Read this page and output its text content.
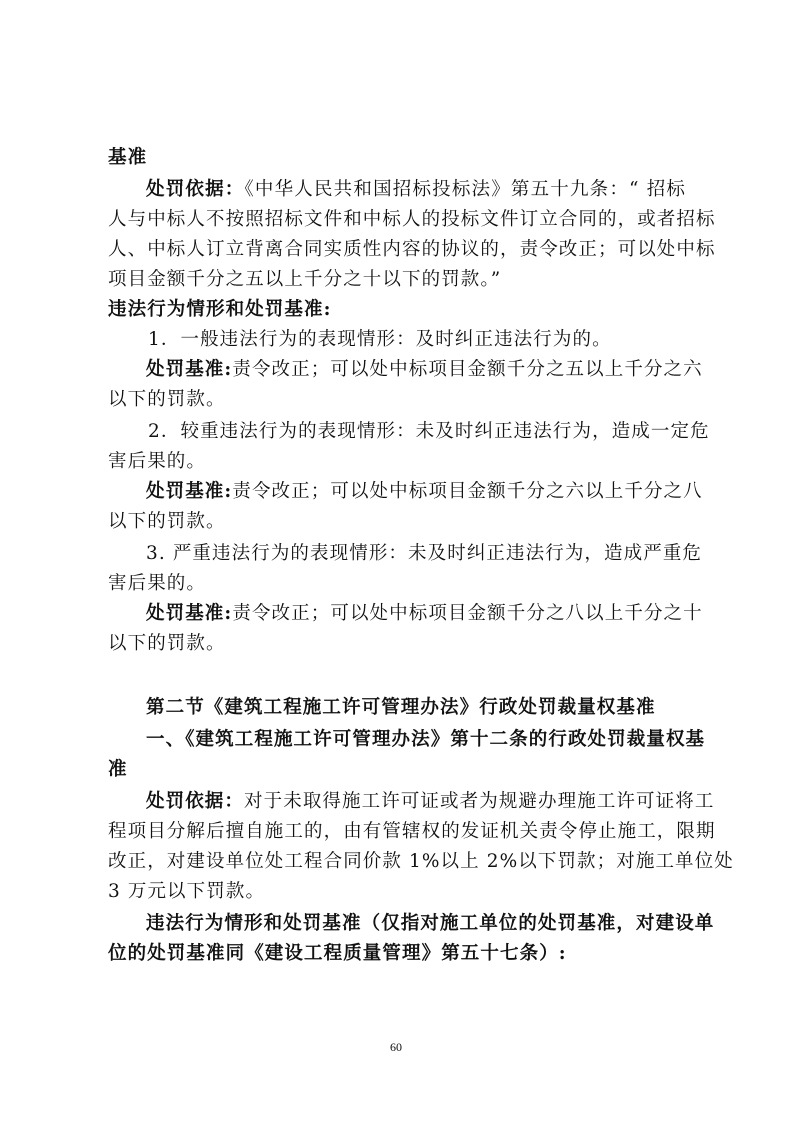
基准
处罚依据：《中华人民共和国招标投标法》第五十九条：“ 招标
人与中标人不按照招标文件和中标人的投标文件订立合同的，或者招标
人、中标人订立背离合同实质性内容的协议的，责令改正；可以处中标
项目金额千分之五以上千分之十以下的罚款。”
违法行为情形和处罚基准:
1．一般违法行为的表现情形：及时纠正违法行为的。
处罚基准:责令改正；可以处中标项目金额千分之五以上千分之六
以下的罚款。
2．较重违法行为的表现情形：未及时纠正违法行为，造成一定危
害后果的。
处罚基准:责令改正；可以处中标项目金额千分之六以上千分之八
以下的罚款。
3. 严重违法行为的表现情形：未及时纠正违法行为，造成严重危
害后果的。
处罚基准:责令改正；可以处中标项目金额千分之八以上千分之十
以下的罚款。
第二节《建筑工程施工许可管理办法》行政处罚裁量权基准
一、《建筑工程施工许可管理办法》第十二条的行政处罚裁量权基
准
处罚依据：对于未取得施工许可证或者为规避办理施工许可证将工
程项目分解后擅自施工的，由有管辖权的发证机关责令停止施工，限期
改正，对建设单位处工程合同价款 1%以上 2%以下罚款；对施工单位处
3 万元以下罚款。
违法行为情形和处罚基准（仅指对施工单位的处罚基准，对建设单
位的处罚基准同《建设工程质量管理》第五十七条）:
60
